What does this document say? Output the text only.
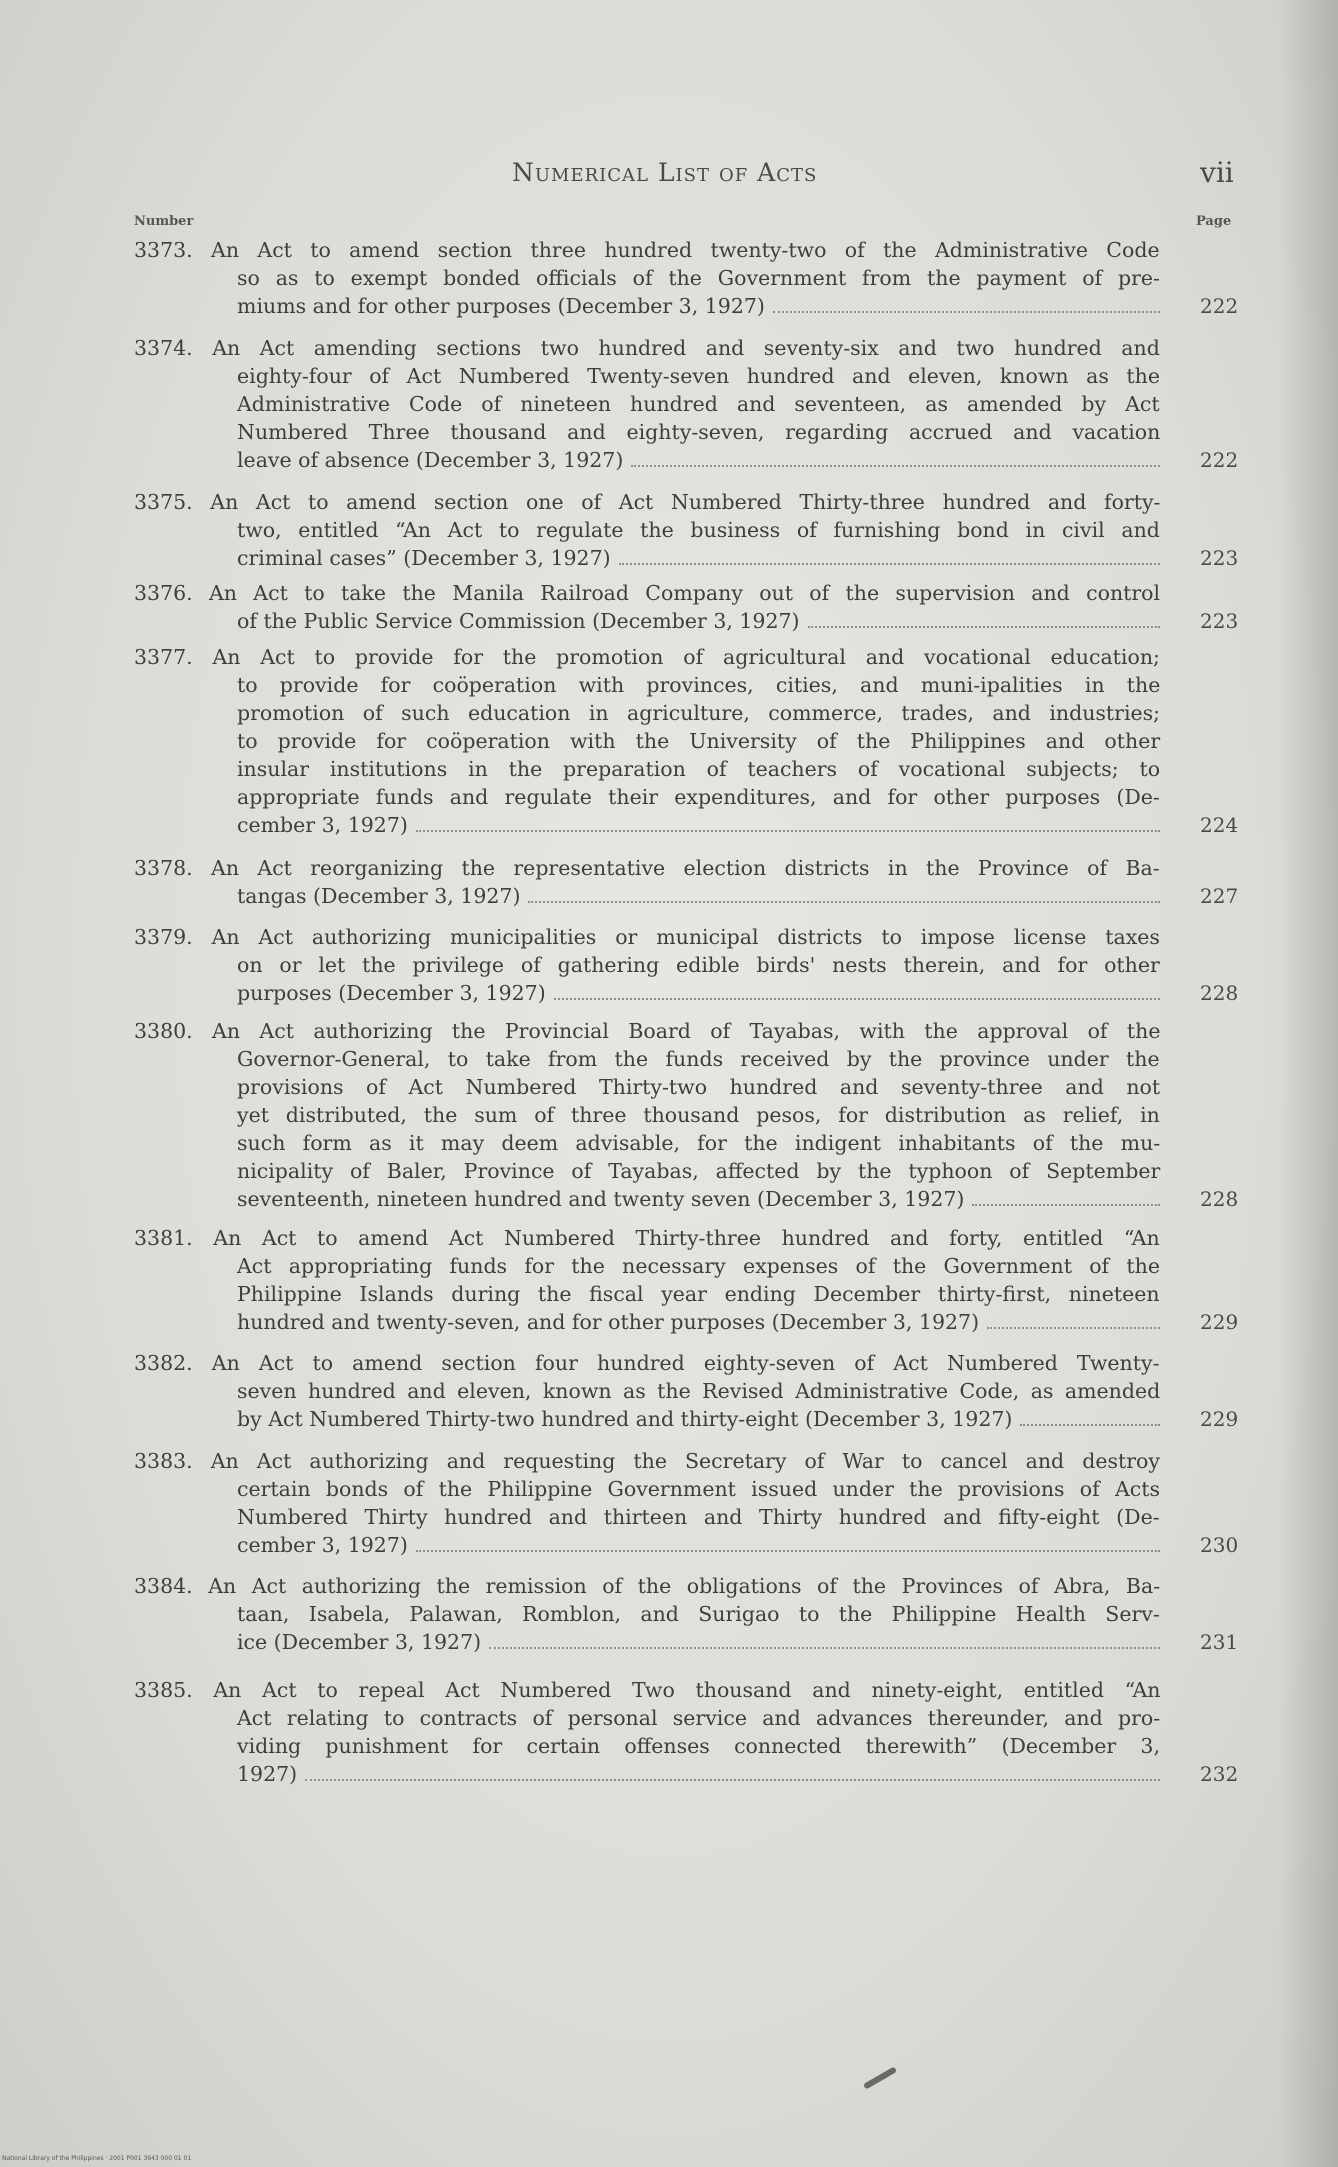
Numerical List of Acts	vii
Number	Page
3373. An Act to amend section three hundred twenty-two of the Administrative Code
so as to exempt bonded officials of the Government from the payment of pre-
miums and for other purposes (December 3, 1927)	222
3374. An Act amending sections two hundred and seventy-six and two hundred and
eighty-four of Act Numbered Twenty-seven hundred and eleven, known as the
Administrative Code of nineteen hundred and seventeen, as amended by Act
Numbered Three thousand and eighty-seven, regarding accrued and vacation
leave of absence (December 3, 1927)	222
3375. An Act to amend section one of Act Numbered Thirty-three hundred and forty-
two, entitled “An Act to regulate the business of furnishing bond in civil and
criminal cases” (December 3, 1927)	223
3376. An Act to take the Manila Railroad Company out of the supervision and control
of the Public Service Commission (December 3, 1927)	223
3377. An Act to provide for the promotion of agricultural and vocational education;
to provide for coöperation with provinces, cities, and muni-ipalities in the
promotion of such education in agriculture, commerce, trades, and industries;
to provide for coöperation with the University of the Philippines and other
insular institutions in the preparation of teachers of vocational subjects; to
appropriate funds and regulate their expenditures, and for other purposes (De-
cember 3, 1927)	224
3378. An Act reorganizing the representative election districts in the Province of Ba-
tangas (December 3, 1927)	227
3379. An Act authorizing municipalities or municipal districts to impose license taxes
on or let the privilege of gathering edible birds' nests therein, and for other
purposes (December 3, 1927)	228
3380. An Act authorizing the Provincial Board of Tayabas, with the approval of the
Governor-General, to take from the funds received by the province under the
provisions of Act Numbered Thirty-two hundred and seventy-three and not
yet distributed, the sum of three thousand pesos, for distribution as relief, in
such form as it may deem advisable, for the indigent inhabitants of the mu-
nicipality of Baler, Province of Tayabas, affected by the typhoon of September
seventeenth, nineteen hundred and twenty seven (December 3, 1927)	228
3381. An Act to amend Act Numbered Thirty-three hundred and forty, entitled “An
Act appropriating funds for the necessary expenses of the Government of the
Philippine Islands during the fiscal year ending December thirty-first, nineteen
hundred and twenty-seven, and for other purposes (December 3, 1927)	229
3382. An Act to amend section four hundred eighty-seven of Act Numbered Twenty-
seven hundred and eleven, known as the Revised Administrative Code, as amended
by Act Numbered Thirty-two hundred and thirty-eight (December 3, 1927)	229
3383. An Act authorizing and requesting the Secretary of War to cancel and destroy
certain bonds of the Philippine Government issued under the provisions of Acts
Numbered Thirty hundred and thirteen and Thirty hundred and fifty-eight (De-
cember 3, 1927)	230
3384. An Act authorizing the remission of the obligations of the Provinces of Abra, Ba-
taan, Isabela, Palawan, Romblon, and Surigao to the Philippine Health Serv-
ice (December 3, 1927)	231
3385. An Act to repeal Act Numbered Two thousand and ninety-eight, entitled “An
Act relating to contracts of personal service and advances thereunder, and pro-
viding punishment for certain offenses connected therewith” (December 3,
1927)	232
National Library of the Philippines · 2001 P001 3943 000 01 01
